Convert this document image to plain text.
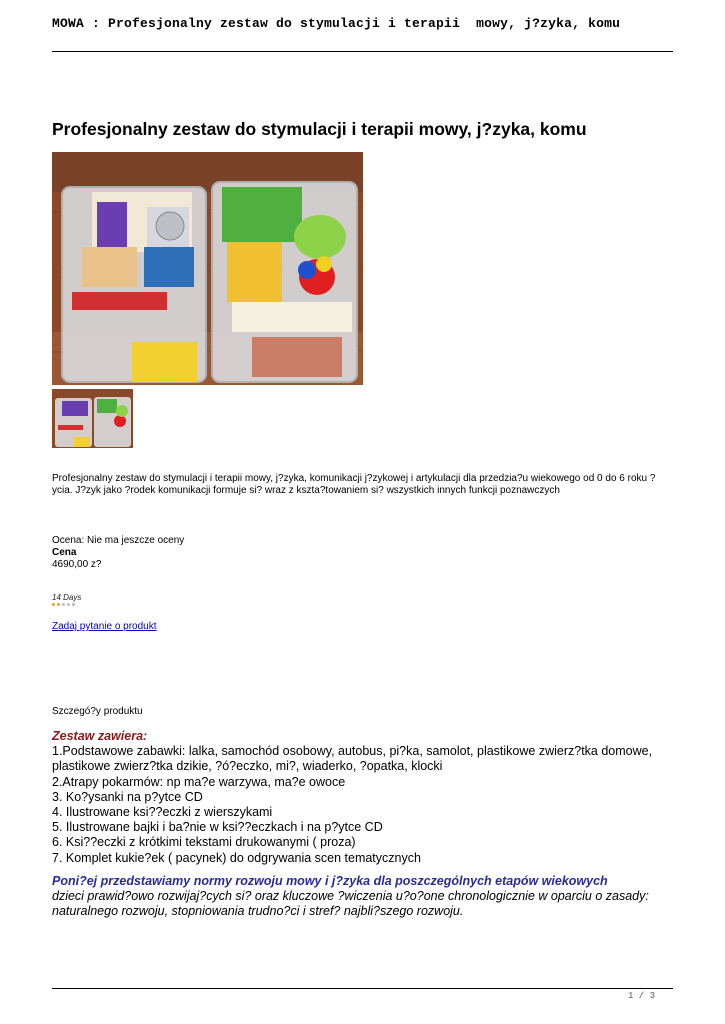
MOWA : Profesjonalny zestaw do stymulacji i terapii  mowy, j?zyka, komu
Profesjonalny zestaw do stymulacji i terapii mowy, j?zyka, komu
Profesjonalny zestaw do stymulacji i terapii mowy, j?zyka, komunikacji j?zykowej i artykulacji dla przedzia?u wiekowego od 0 do 6 roku ?ycia. J?zyk jako ?rodek komunikacji formuje si? wraz z kszta?towaniem si? wszystkich innych funkcji poznawczych
Ocena: Nie ma jeszcze oceny
Cena
4690,00 z?
14 Days
Zadaj pytanie o produkt
Szczegó?y produktu
Zestaw zawiera:
1.Podstawowe zabawki: lalka, samochód osobowy, autobus, pi?ka, samolot, plastikowe zwierz?tka domowe, plastikowe zwierz?tka dzikie, ?ó?eczko, mi?, wiaderko, ?opatka, klocki
2.Atrapy pokarmów: np ma?e warzywa, ma?e owoce
3. Ko?ysanki na p?ytce CD
4. Ilustrowane ksi??eczki z wierszykami
5. Ilustrowane bajki i ba?nie w ksi??eczkach i na p?ytce CD
6. Ksi??eczki z krótkimi tekstami drukowanymi ( proza)
7. Komplet kukie?ek ( pacynek) do odgrywania scen tematycznych
Poni?ej przedstawiamy normy rozwoju mowy i j?zyka dla poszczególnych etapów wiekowych
dzieci prawid?owo rozwijaj?cych si? oraz kluczowe ?wiczenia u?o?one chronologicznie w oparciu o zasady: naturalnego rozwoju, stopniowania trudno?ci i stref? najbli?szego rozwoju.
1 / 3
